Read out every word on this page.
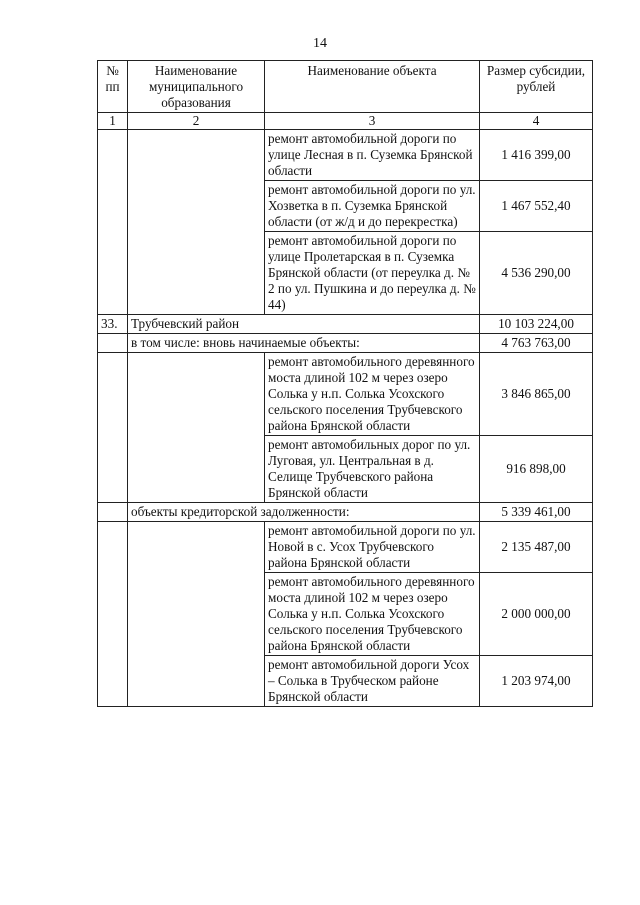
14
№ пп	Наименование муниципального образования	Наименование объекта	Размер субсидии, рублей
1	2	3	4
		ремонт автомобильной дороги по улице Лесная в п. Суземка Брянской области	1 416 399,00
		ремонт автомобильной дороги по ул. Хозветка в п. Суземка Брянской области (от ж/д и до перекрестка)	1 467 552,40
		ремонт автомобильной дороги по улице Пролетарская в п. Суземка Брянской области (от переулка д. № 2 по ул. Пушкина и до переулка д. № 44)	4 536 290,00
33.	Трубчевский район		10 103 224,00
	в том числе: вновь начинаемые объекты:		4 763 763,00
		ремонт автомобильного деревянного моста длиной 102 м через озеро Солька у н.п. Солька Усохского сельского поселения Трубчевского района Брянской области	3 846 865,00
		ремонт автомобильных дорог по ул. Луговая, ул. Центральная в д. Селище Трубчевского района Брянской области	916 898,00
	объекты кредиторской задолженности:		5 339 461,00
		ремонт автомобильной дороги по ул. Новой в с. Усох Трубчевского района Брянской области	2 135 487,00
		ремонт автомобильного деревянного моста длиной 102 м через озеро Солька у н.п. Солька Усохского сельского поселения Трубчевского района Брянской области	2 000 000,00
		ремонт автомобильной дороги Усох – Солька в Трубческом районе Брянской области	1 203 974,00
